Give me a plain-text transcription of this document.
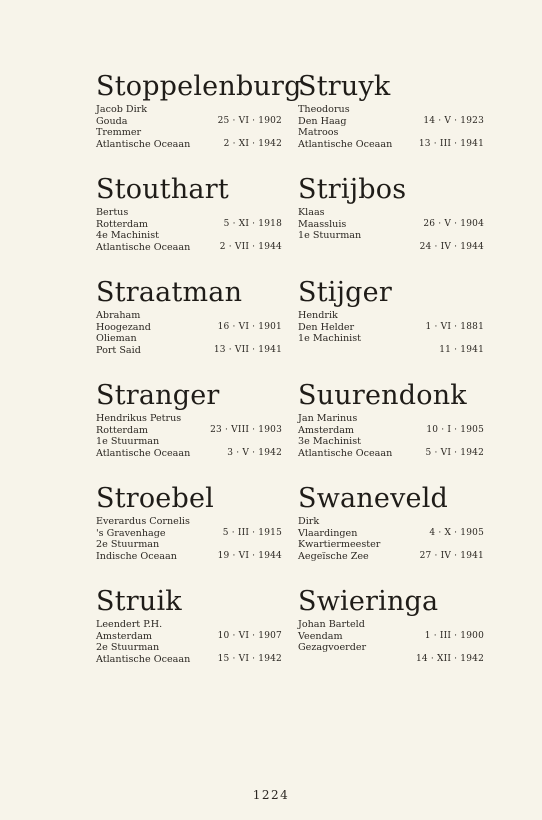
Stoppelenburg
Jacob Dirk
Gouda	25 · VI · 1902
Tremmer
Atlantische Oceaan	2 · XI · 1942
Stouthart
Bertus
Rotterdam	5 · XI · 1918
4e Machinist
Atlantische Oceaan	2 · VII · 1944
Straatman
Abraham
Hoogezand	16 · VI · 1901
Olieman
Port Said	13 · VII · 1941
Stranger
Hendrikus Petrus
Rotterdam	23 · VIII · 1903
1e Stuurman
Atlantische Oceaan	3 · V · 1942
Stroebel
Everardus Cornelis
's Gravenhage	5 · III · 1915
2e Stuurman
Indische Oceaan	19 · VI · 1944
Struik
Leendert P.H.
Amsterdam	10 · VI · 1907
2e Stuurman
Atlantische Oceaan	15 · VI · 1942
Struyk
Theodorus
Den Haag	14 · V · 1923
Matroos
Atlantische Oceaan	13 · III · 1941
Strijbos
Klaas
Maassluis	26 · V · 1904
1e Stuurman
24 · IV · 1944
Stijger
Hendrik
Den Helder	1 · VI · 1881
1e Machinist
11 · 1941
Suurendonk
Jan Marinus
Amsterdam	10 · I · 1905
3e Machinist
Atlantische Oceaan	5 · VI · 1942
Swaneveld
Dirk
Vlaardingen	4 · X · 1905
Kwartiermeester
Aegeïsche Zee	27 · IV · 1941
Swieringa
Johan Barteld
Veendam	1 · III · 1900
Gezagvoerder
14 · XII · 1942
1224
